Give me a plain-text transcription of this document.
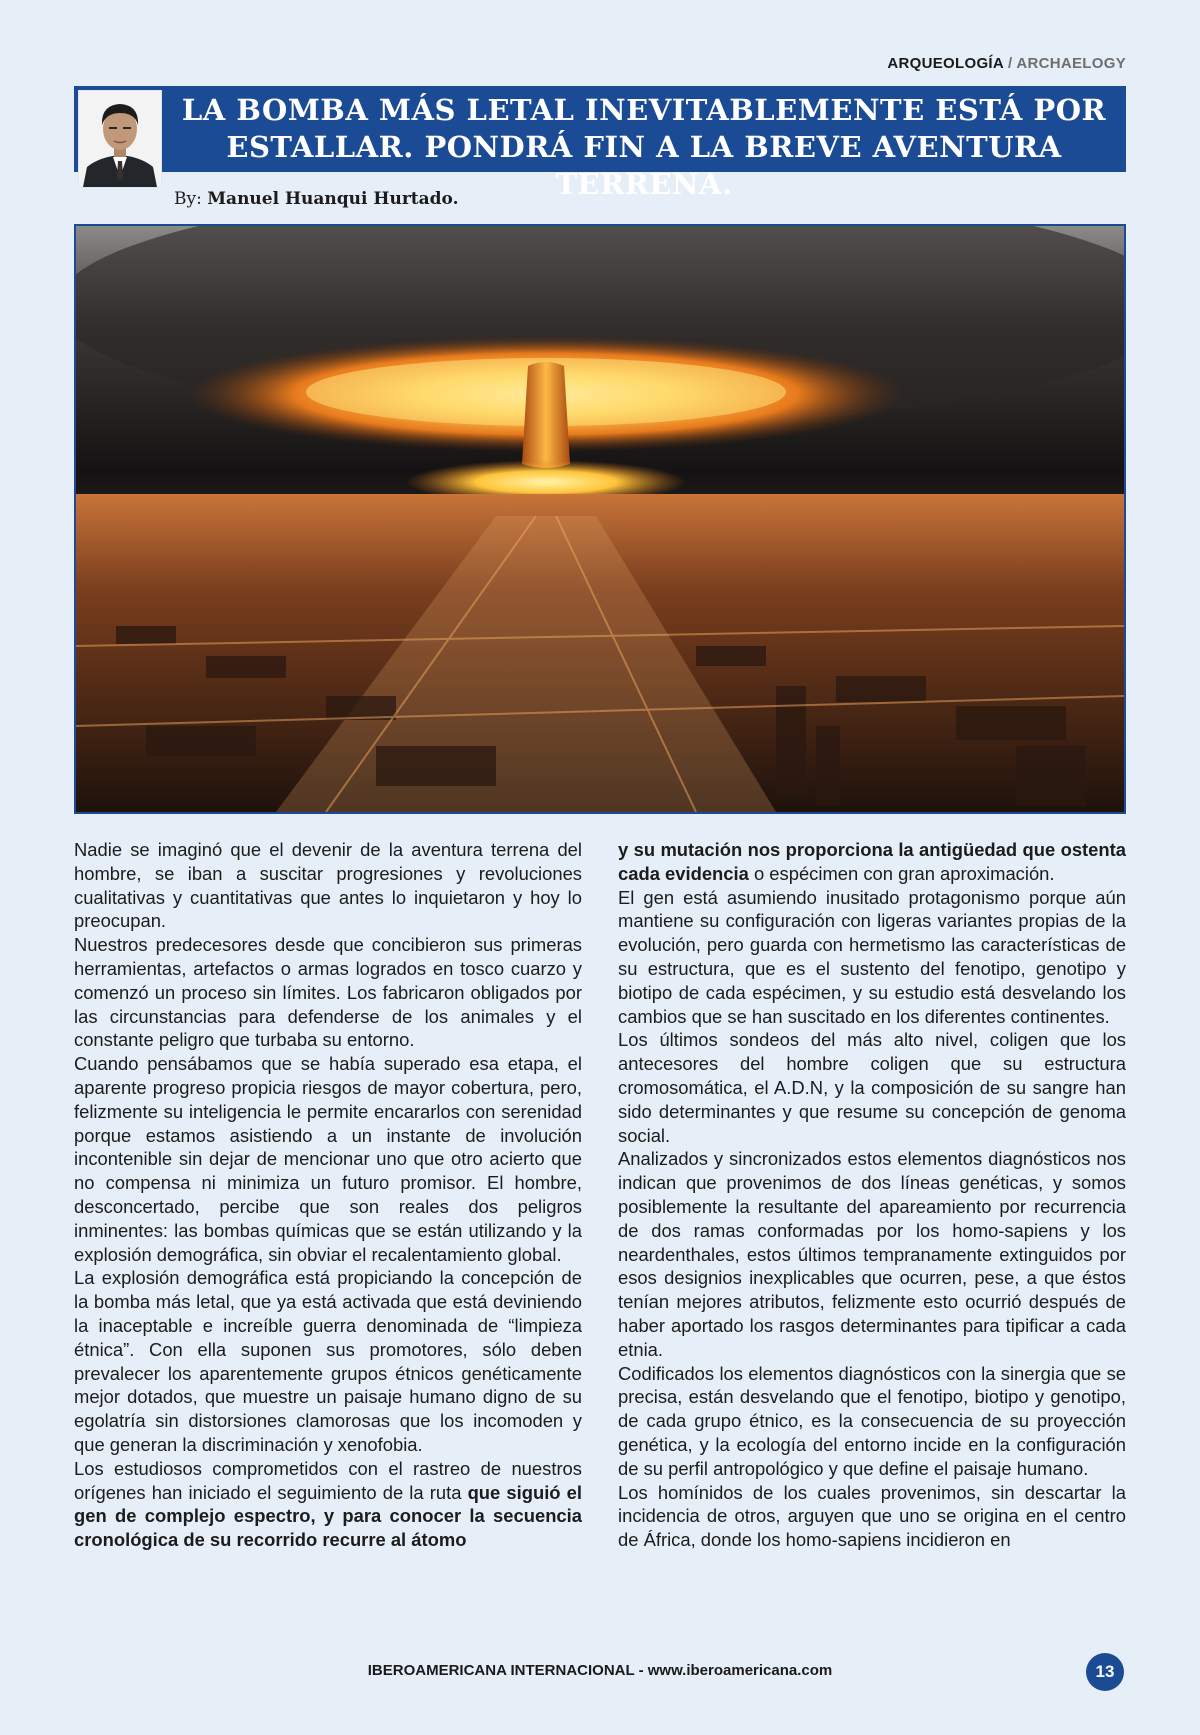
ARQUEOLOGÍA / ARCHAELOGY
LA BOMBA MÁS LETAL INEVITABLEMENTE ESTÁ POR
ESTALLAR. PONDRÁ FIN A LA BREVE AVENTURA TERRENA.
By: Manuel Huanqui Hurtado.

Nadie se imaginó que el devenir de la aventura terrena del hombre, se iban a suscitar progresiones y revoluciones cualitativas y cuantitativas que antes lo inquietaron y hoy lo preocupan.

Nuestros predecesores desde que concibieron sus primeras herramientas, artefactos o armas logrados en tosco cuarzo y comenzó un proceso sin límites. Los fabricaron obligados por las circunstancias para defenderse de los animales y el constante peligro que turbaba su entorno.

Cuando pensábamos que se había superado esa etapa, el aparente progreso propicia riesgos de mayor cobertura, pero, felizmente su inteligencia le permite encararlos con serenidad porque estamos asistiendo a un instante de involución incontenible sin dejar de mencionar uno que otro acierto que no compensa ni minimiza un futuro promisor. El hombre, desconcertado, percibe que son reales dos peligros inminentes: las bombas químicas que se están utilizando y la explosión demográfica, sin obviar el recalentamiento global.

La explosión demográfica está propiciando la concepción de la bomba más letal, que ya está activada que está deviniendo la inaceptable e increíble guerra denominada de “limpieza étnica”. Con ella suponen sus promotores, sólo deben prevalecer los aparentemente grupos étnicos genéticamente mejor dotados, que muestre un paisaje humano digno de su egolatría sin distorsiones clamorosas que los incomoden y que generan la discriminación y xenofobia.

Los estudiosos comprometidos con el rastreo de nuestros orígenes han iniciado el seguimiento de la ruta que siguió el gen de complejo espectro, y para conocer la secuencia cronológica de su recorrido recurre al átomo

y su mutación nos proporciona la antigüedad que ostenta cada evidencia o espécimen con gran aproximación.

El gen está asumiendo inusitado protagonismo porque aún mantiene su configuración con ligeras variantes propias de la evolución, pero guarda con hermetismo las características de su estructura, que es el sustento del fenotipo, genotipo y biotipo de cada espécimen, y su estudio está desvelando los cambios que se han suscitado en los diferentes continentes.

Los últimos sondeos del más alto nivel, coligen que los antecesores del hombre coligen que su estructura cromosomática, el A.D.N, y la composición de su sangre han sido determinantes y que resume su concepción de genoma social.

Analizados y sincronizados estos elementos diagnósticos nos indican que provenimos de dos líneas genéticas, y somos posiblemente la resultante del apareamiento por recurrencia de dos ramas conformadas por los homo-sapiens y los neardenthales, estos últimos tempranamente extinguidos por esos designios inexplicables que ocurren, pese, a que éstos tenían mejores atributos, felizmente esto ocurrió después de haber aportado los rasgos determinantes para tipificar a cada etnia.

Codificados los elementos diagnósticos con la sinergia que se precisa, están desvelando que el fenotipo, biotipo y genotipo, de cada grupo étnico, es la consecuencia de su proyección genética, y la ecología del entorno incide en la configuración de su perfil antropológico y que define el paisaje humano.

Los homínidos de los cuales provenimos, sin descartar la incidencia de otros, arguyen que uno se origina en el centro de África, donde los homo-sapiens incidieron en

IBEROAMERICANA INTERNACIONAL - www.iberoamericana.com	13
